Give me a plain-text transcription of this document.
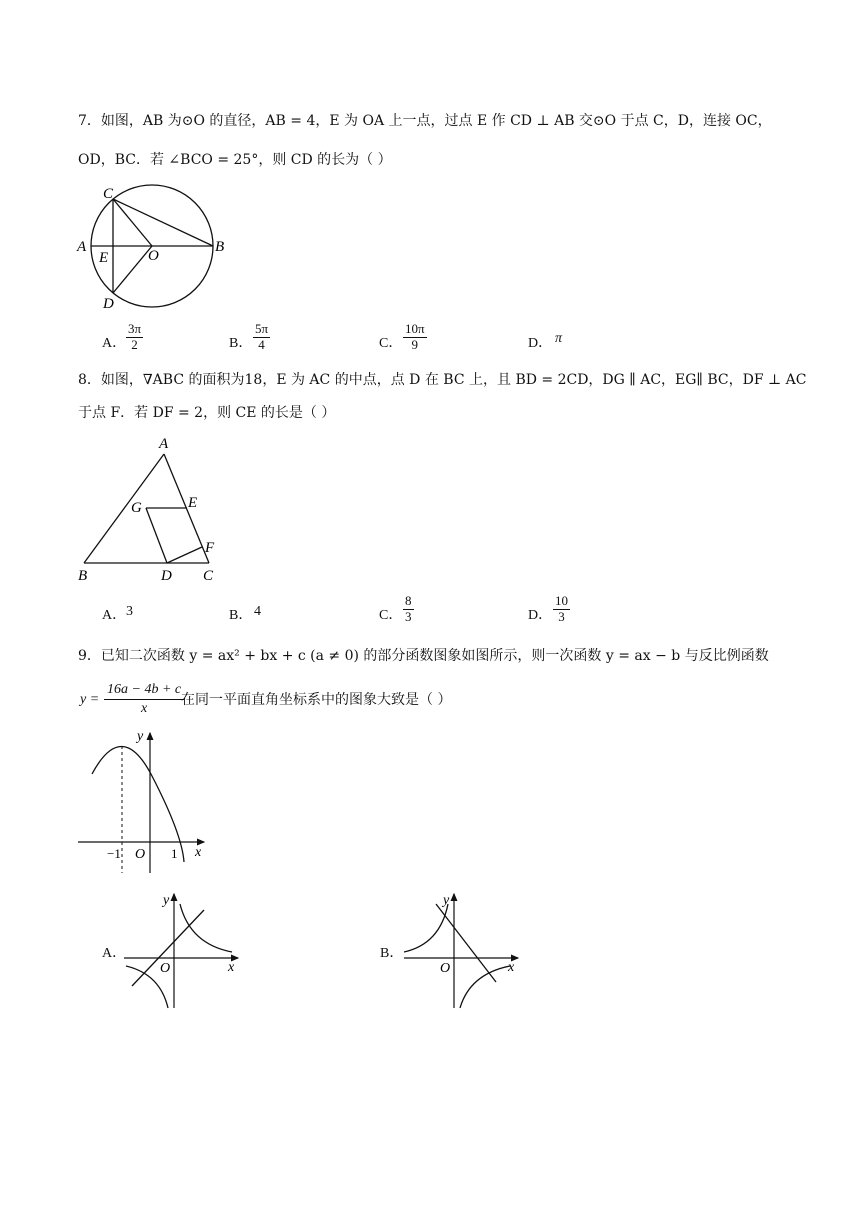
7．如图，AB 为⊙O 的直径，AB = 4，E 为 OA 上一点，过点 E 作 CD ⊥ AB 交⊙O 于点 C，D，连接 OC，
OD，BC．若 ∠BCO = 25°，则 CD 的长为（ ）
C
A
E	O
B
D
A． $\frac{3\pi}{2}$	B． $\frac{5\pi}{4}$	C． $\frac{10\pi}{9}$	D． π
8．如图，∇ABC 的面积为18，E 为 AC 的中点，点 D 在 BC 上，且 BD = 2CD，DG ∥ AC，EG∥ BC，DF ⊥ AC
于点 F．若 DF = 2，则 CE 的长是（ ）
A
G	E
F
B	D C
A． 3	B． 4	C． $\frac{8}{3}$	D． $\frac{10}{3}$
9．已知二次函数 y = ax² + bx + c (a ≠ 0) 的部分函数图象如图所示，则一次函数 y = ax − b 与反比例函数
$y = \frac{16a - 4b + c}{x}$
在同一平面直角坐标系中的图象大致是（ ）
y
x
−1 O 1
A．
y
x
O
B．
y
x
O
